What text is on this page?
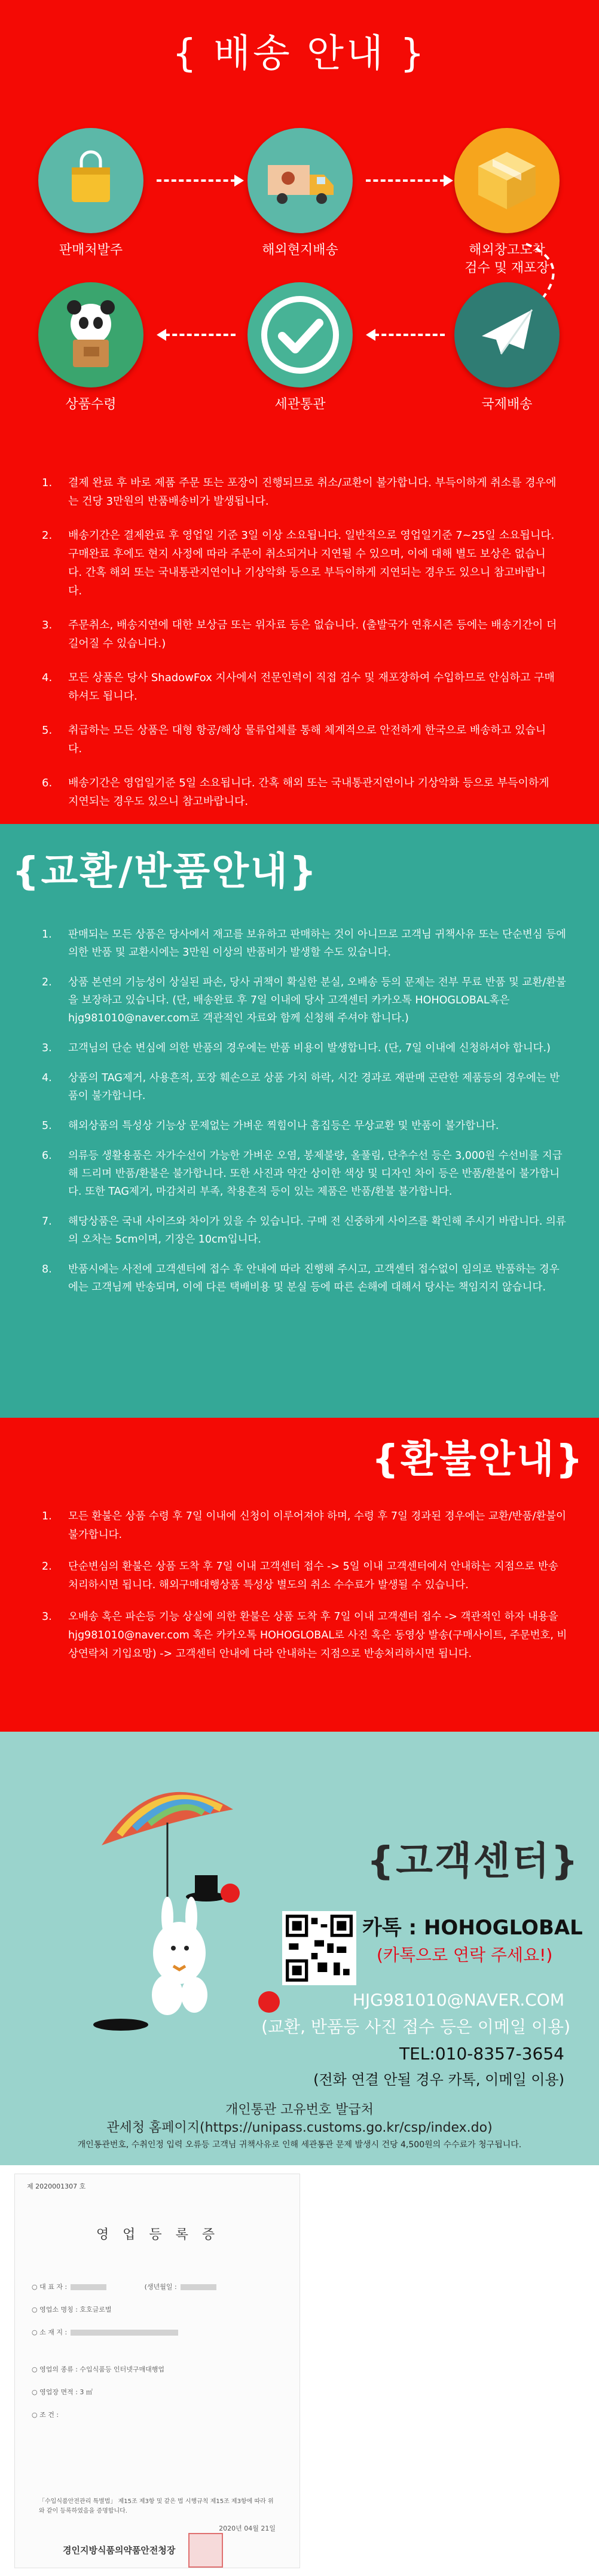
{ 배송 안내 }
판매처발주	해외현지배송	해외창고도착
검수 및 재포장
상품수령	세관통관	국제배송
1.	결제 완료 후 바로 제품 주문 또는 포장이 진행되므로 취소/교환이 불가합니다. 부득이하게 취소를 경우에는 건당 3만원의 반품배송비가 발생됩니다.
2.	배송기간은 결제완료 후 영업일 기준 3일 이상 소요됩니다. 일반적으로 영업일기준 7~25일 소요됩니다. 구매완료 후에도 현지 사정에 따라 주문이 취소되거나 지연될 수 있으며, 이에 대해 별도 보상은 없습니다. 간혹 해외 또는 국내통관지연이나 기상악화 등으로 부득이하게 지연되는 경우도 있으니 참고바랍니다.
3.	주문취소, 배송지연에 대한 보상금 또는 위자료 등은 없습니다. (출발국가 연휴시즌 등에는 배송기간이 더 길어질 수 있습니다.)
4.	모든 상품은 당사 ShadowFox 지사에서 전문인력이 직접 검수 및 재포장하여 수입하므로 안심하고 구매하셔도 됩니다.
5.	취급하는 모든 상품은 대형 항공/해상 물류업체를 통해 체계적으로 안전하게 한국으로 배송하고 있습니다.
6.	배송기간은 영업일기준 5일 소요됩니다. 간혹 해외 또는 국내통관지연이나 기상악화 등으로 부득이하게 지연되는 경우도 있으니 참고바랍니다.
{교환/반품안내}
1.	판매되는 모든 상품은 당사에서 재고를 보유하고 판매하는 것이 아니므로 고객님 귀책사유 또는 단순변심 등에 의한 반품 및 교환시에는 3만원 이상의 반품비가 발생할 수도 있습니다.
2.	상품 본연의 기능성이 상실된 파손, 당사 귀책이 확실한 분실, 오배송 등의 문제는 전부 무료 반품 및 교환/환불을 보장하고 있습니다. (단, 배송완료 후 7일 이내에 당사 고객센터 카카오톡 HOHOGLOBAL혹은 hjg981010@naver.com로 객관적인 자료와 함께 신청해 주셔야 합니다.)
3.	고객님의 단순 변심에 의한 반품의 경우에는 반품 비용이 발생합니다. (단, 7일 이내에 신청하셔야 합니다.)
4.	상품의 TAG제거, 사용흔적, 포장 훼손으로 상품 가치 하락, 시간 경과로 재판매 곤란한 제품등의 경우에는 반품이 불가합니다.
5.	해외상품의 특성상 기능상 문제없는 가벼운 찍힘이나 흠집등은 무상교환 및 반품이 불가합니다.
6.	의류등 생활용품은 자가수선이 가능한 가벼운 오염, 봉제불량, 올풀림, 단추수선 등은 3,000원 수선비를 지급해 드리며 반품/환불은 불가합니다. 또한 사진과 약간 상이한 색상 및 디자인 차이 등은 반품/환불이 불가합니다. 또한 TAG제거, 마감처리 부족, 착용흔적 등이 있는 제품은 반품/환불 불가합니다.
7.	해당상품은 국내 사이즈와 차이가 있을 수 있습니다. 구매 전 신중하게 사이즈를 확인해 주시기 바랍니다. 의류의 오차는 5cm이며, 기장은 10cm입니다.
8.	반품시에는 사전에 고객센터에 접수 후 안내에 따라 진행해 주시고, 고객센터 접수없이 임의로 반품하는 경우에는 고객님께 반송되며, 이에 다른 택배비용 및 분실 등에 따른 손해에 대해서 당사는 책임지지 않습니다.
{환불안내}
1.	모든 환불은 상품 수령 후 7일 이내에 신청이 이루어져야 하며, 수령 후 7일 경과된 경우에는 교환/반품/환불이 불가합니다.
2.	단순변심의 환불은 상품 도착 후 7일 이내 고객센터 접수 -> 5일 이내 고객센터에서 안내하는 지점으로 반송처리하시면 됩니다. 해외구매대행상품 특성상 별도의 취소 수수료가 발생될 수 있습니다.
3.	오배송 혹은 파손등 기능 상실에 의한 환불은 상품 도착 후 7일 이내 고객센터 접수 -> 객관적인 하자 내용을 hjg981010@naver.com 혹은 카카오톡 HOHOGLOBAL로 사진 혹은 동영상 발송(구매사이트, 주문번호, 비상연락처 기입요망) -> 고객센터 안내에 다라 안내하는 지점으로 반송처리하시면 됩니다.
{고객센터}
카톡 : HOHOGLOBAL
(카톡으로 연락 주세요!)
HJG981010@NAVER.COM
(교환, 반품등 사진 접수 등은 이메일 이용)
TEL:010-8357-3654
(전화 연결 안될 경우 카톡, 이메일 이용)
개인통관 고유번호 발급처
관세청 홈페이지(https://unipass.customs.go.kr/csp/index.do)
개인통관번호, 수취인정 입력 오류등 고객님 귀책사유로 인해 세관통관 문제 발생시 건당 4,500원의 수수료가 청구됩니다.
제 2020001307 호
영 업 등 록 증
○ 대 표 자 :	(생년월일 :
○ 영업소 명칭 : 호호글로벌
○ 소 재 지 :
○ 영업의 종류 : 수입식품등 인터넷구매대행업
○ 영업장 면적 : 3 ㎡
○ 조 건 :
「수입식품안전관리 특별법」 제15조 제3항 및 같은 법 시행규칙 제15조 제3항에 따라 위와 같이 등록하였음을 증명합니다.
2020년 04월 21일
경인지방식품의약품안전청장
